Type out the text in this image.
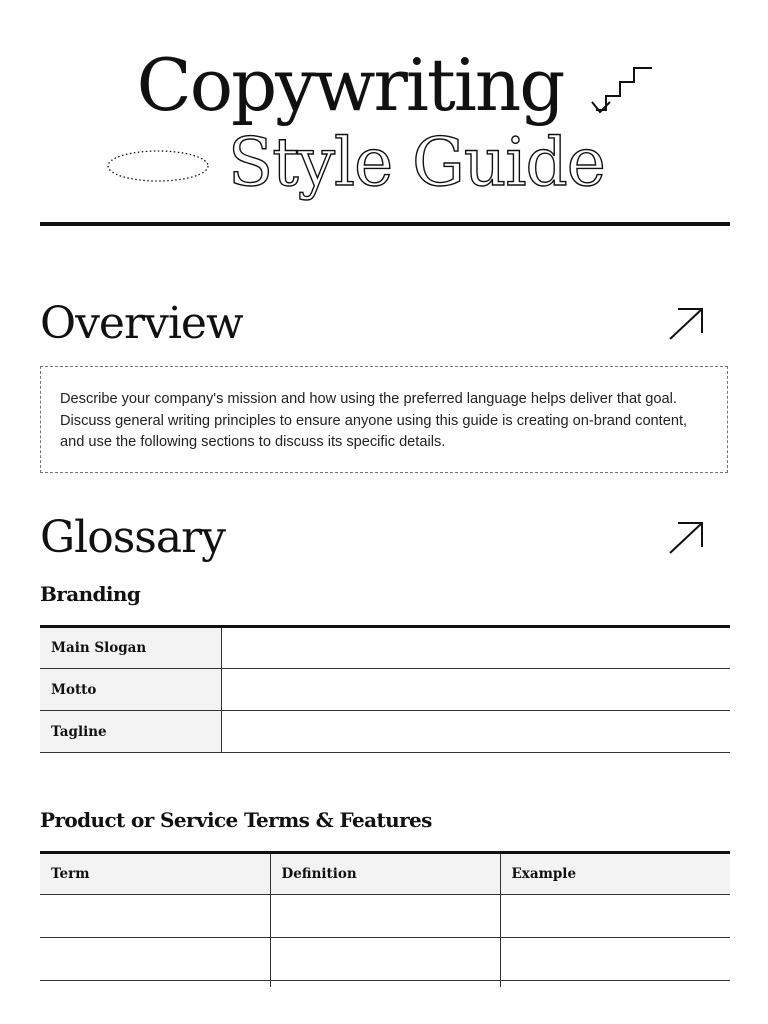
Copywriting
Style Guide
Overview

Describe your company's mission and how using the preferred language helps deliver that goal. Discuss general writing principles to ensure anyone using this guide is creating on-brand content, and use the following sections to discuss its specific details.

Glossary
Branding
Main Slogan	
Motto	
Tagline	
Product or Service Terms & Features
Term	Definition	Example
